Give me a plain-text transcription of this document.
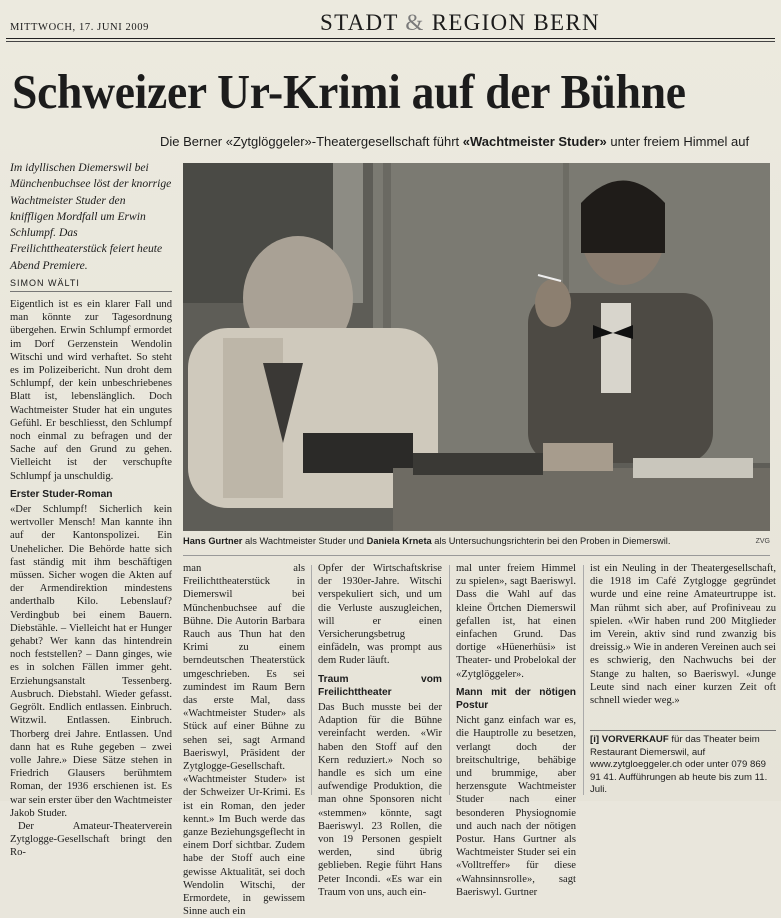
MITTWOCH, 17. JUNI 2009	STADT & REGION BERN
Schweizer Ur-Krimi auf der Bühne
Die Berner «Zytglöggeler»-Theatergesellschaft führt «Wachtmeister Studer» unter freiem Himmel auf
Im idyllischen Diemerswil bei Münchenbuchsee löst der knorrige Wachtmeister Studer den kniffligen Mordfall um Erwin Schlumpf. Das Freilichttheaterstück feiert heute Abend Premiere.
SIMON WÄLTI

Eigentlich ist es ein klarer Fall und man könnte zur Tagesordnung übergehen. Erwin Schlumpf ermordet im Dorf Gerzenstein Wendolin Witschi und wird verhaftet. So steht es im Polizeibericht. Nun droht dem Schlumpf, der kein unbeschriebenes Blatt ist, lebenslänglich. Doch Wachtmeister Studer hat ein ungutes Gefühl. Er beschliesst, den Schlumpf noch einmal zu befragen und der Sache auf den Grund zu gehen. Vielleicht ist der verschupfte Schlumpf ja unschuldig.

Erster Studer-Roman

«Der Schlumpf! Sicherlich kein wertvoller Mensch! Man kannte ihn auf der Kantonspolizei. Ein Unehelicher. Die Behörde hatte sich fast ständig mit ihm beschäftigen müssen. Sicher wogen die Akten auf der Armendirektion mindestens anderthalb Kilo. Lebenslauf? Verdingbub bei einem Bauern. Diebstähle. – Vielleicht hat er Hunger gehabt? Wer kann das hintendrein noch feststellen? – Dann ginges, wie es in solchen Fällen immer geht. Erziehungsanstalt Tessenberg. Ausbruch. Diebstahl. Wieder gefasst. Gegrölt. Endlich entlassen. Einbruch. Witzwil. Entlassen. Einbruch. Thorberg drei Jahre. Entlassen. Und dann hat es Ruhe gegeben – zwei volle Jahre.» Diese Sätze stehen in Friedrich Glausers berühmtem Roman, der 1936 erschienen ist. Es war sein erster über den Wachtmeister Jakob Studer.

Der Amateur-Theaterverein Zytglogge-Gesellschaft bringt den Ro-

Hans Gurtner als Wachtmeister Studer und Daniela Krneta als Untersuchungsrichterin bei den Proben in Diemerswil.	ZVG

man als Freilichttheaterstück in Diemerswil bei Münchenbuchsee auf die Bühne. Die Autorin Barbara Rauch aus Thun hat den Krimi zu einem berndeutschen Theaterstück umgeschrieben. Es sei zumindest im Raum Bern das erste Mal, dass «Wachtmeister Studer» als Stück auf einer Bühne zu sehen sei, sagt Armand Baeriswyl, Präsident der Zytglogge-Gesellschaft. «Wachtmeister Studer» ist der Schweizer Ur-Krimi. Es ist ein Roman, den jeder kennt.» Im Buch werde das ganze Beziehungsgeflecht in einem Dorf sichtbar. Zudem habe der Stoff auch eine gewisse Aktualität, sei doch Wendolin Witschi, der Ermordete, in gewissem Sinne auch ein

Opfer der Wirtschaftskrise der 1930er-Jahre. Witschi verspekuliert sich, und um die Verluste auszugleichen, will er einen Versicherungsbetrug einfädeln, was prompt aus dem Ruder läuft.

Traum vom Freilichttheater

Das Buch musste bei der Adaption für die Bühne vereinfacht werden. «Wir haben den Stoff auf den Kern reduziert.» Noch so handle es sich um eine aufwendige Produktion, die man ohne Sponsoren nicht «stemmen» könnte, sagt Baeriswyl. 23 Rollen, die von 19 Personen gespielt werden, sind übrig geblieben. Regie führt Hans Peter Incondi. «Es war ein Traum von uns, auch ein-

mal unter freiem Himmel zu spielen», sagt Baeriswyl. Dass die Wahl auf das kleine Örtchen Diemerswil gefallen ist, hat einen einfachen Grund. Das dortige «Hüenerhüsi» ist Theater- und Probelokal der «Zytglöggeler».

Mann mit der nötigen Postur

Nicht ganz einfach war es, die Hauptrolle zu besetzen, verlangt doch der breitschultrige, behäbige und brummige, aber herzensgute Wachtmeister Studer nach einer besonderen Physiognomie und auch nach der nötigen Postur. Hans Gurtner als Wachtmeister Studer sei ein «Volltreffer» für diese «Wahnsinnsrolle», sagt Baeriswyl. Gurtner

ist ein Neuling in der Theatergesellschaft, die 1918 im Café Zytglogge gegründet wurde und eine reine Amateurtruppe ist. Man rühmt sich aber, auf Profiniveau zu spielen. «Wir haben rund 200 Mitglieder im Verein, aktiv sind rund zwanzig bis dreissig.» Wie in anderen Vereinen auch sei es schwierig, den Nachwuchs bei der Stange zu halten, so Baeriswyl. «Junge Leute sind nach einer kurzen Zeit oft schnell wieder weg.»

[i] VORVERKAUF für das Theater beim Restaurant Diemerswil, auf www.zytgloeggeler.ch oder unter 079 869 91 41. Aufführungen ab heute bis zum 11. Juli.
